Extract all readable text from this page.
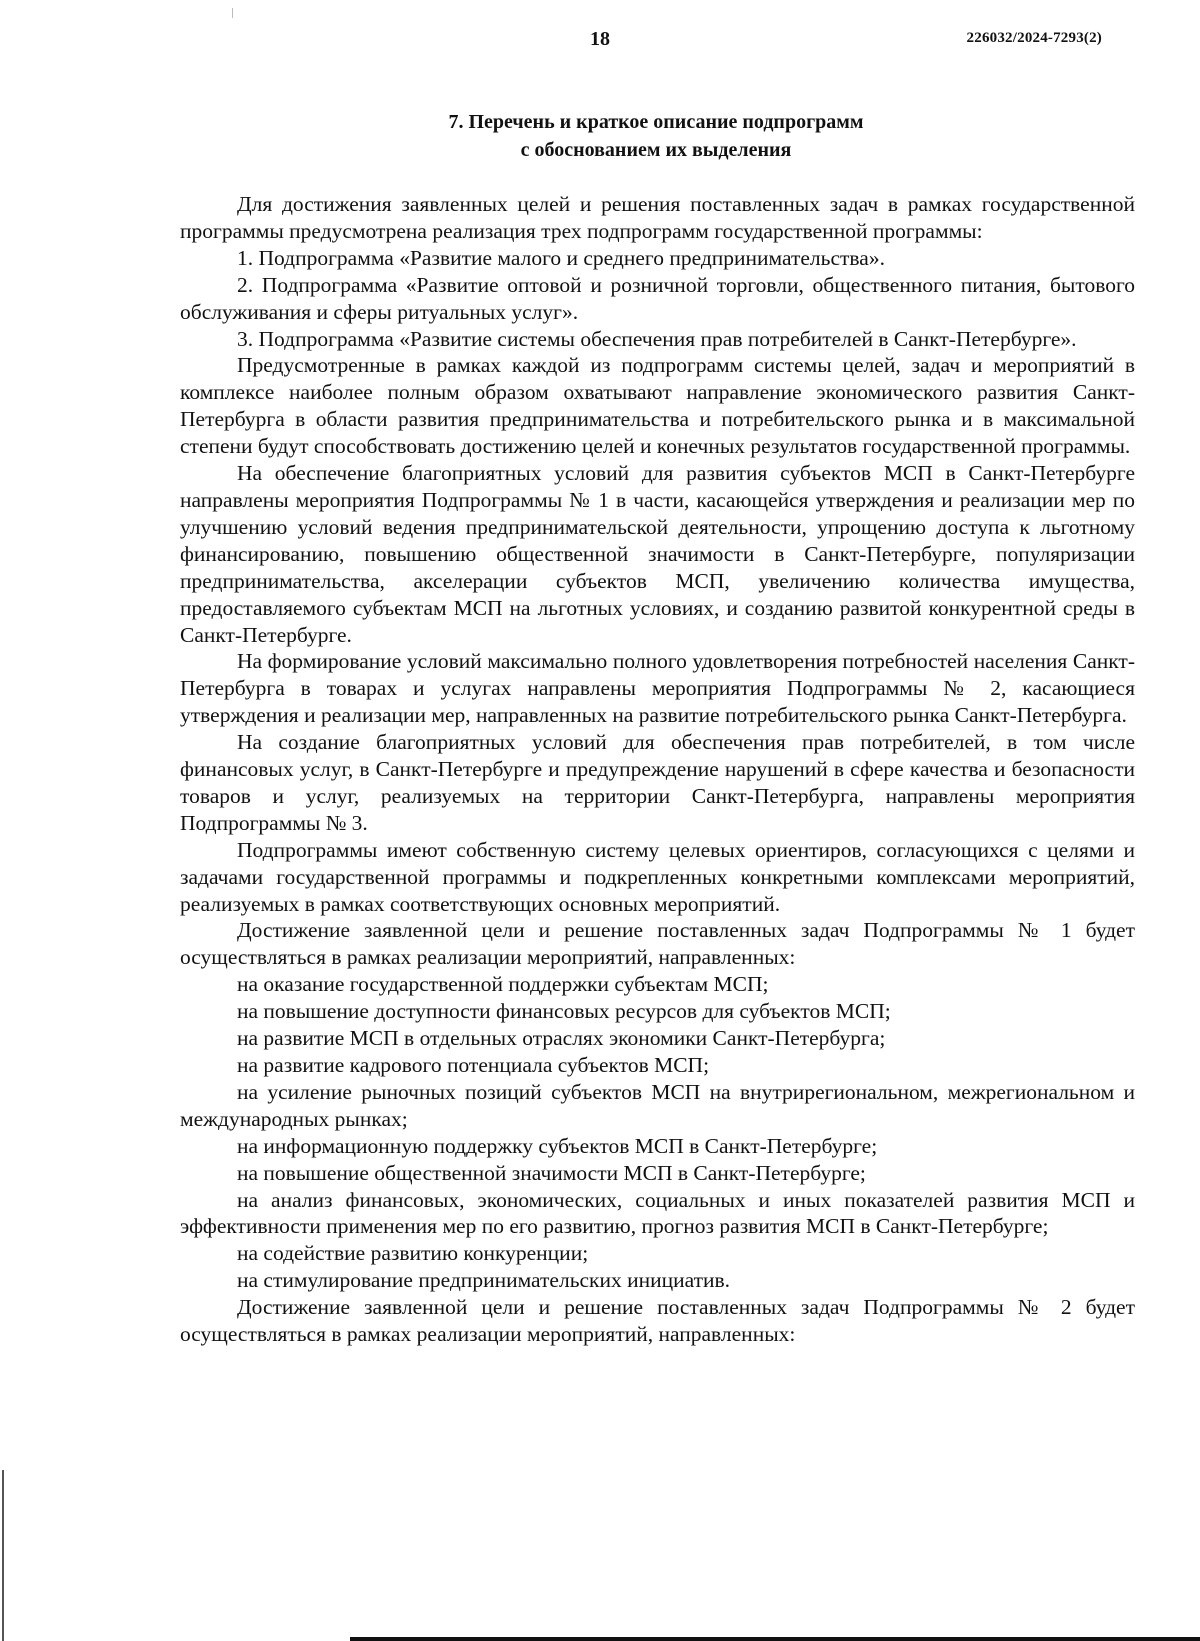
18	226032/2024-7293(2)
7. Перечень и краткое описание подпрограмм
с обоснованием их выделения

Для достижения заявленных целей и решения поставленных задач в рамках государственной программы предусмотрена реализация трех подпрограмм государственной программы:

1. Подпрограмма «Развитие малого и среднего предпринимательства».

2. Подпрограмма «Развитие оптовой и розничной торговли, общественного питания, бытового обслуживания и сферы ритуальных услуг».

3. Подпрограмма «Развитие системы обеспечения прав потребителей в Санкт-Петербурге».

Предусмотренные в рамках каждой из подпрограмм системы целей, задач и мероприятий в комплексе наиболее полным образом охватывают направление экономического развития Санкт-Петербурга в области развития предпринимательства и потребительского рынка и в максимальной степени будут способствовать достижению целей и конечных результатов государственной программы.

На обеспечение благоприятных условий для развития субъектов МСП в Санкт-Петербурге направлены мероприятия Подпрограммы № 1 в части, касающейся утверждения и реализации мер по улучшению условий ведения предпринимательской деятельности, упрощению доступа к льготному финансированию, повышению общественной значимости в Санкт-Петербурге, популяризации предпринимательства, акселерации субъектов МСП, увеличению количества имущества, предоставляемого субъектам МСП на льготных условиях, и созданию развитой конкурентной среды в Санкт-Петербурге.

На формирование условий максимально полного удовлетворения потребностей населения Санкт-Петербурга в товарах и услугах направлены мероприятия Подпрограммы № 2, касающиеся утверждения и реализации мер, направленных на развитие потребительского рынка Санкт-Петербурга.

На создание благоприятных условий для обеспечения прав потребителей, в том числе финансовых услуг, в Санкт-Петербурге и предупреждение нарушений в сфере качества и безопасности товаров и услуг, реализуемых на территории Санкт-Петербурга, направлены мероприятия Подпрограммы № 3.

Подпрограммы имеют собственную систему целевых ориентиров, согласующихся с целями и задачами государственной программы и подкрепленных конкретными комплексами мероприятий, реализуемых в рамках соответствующих основных мероприятий.

Достижение заявленной цели и решение поставленных задач Подпрограммы № 1 будет осуществляться в рамках реализации мероприятий, направленных:

на оказание государственной поддержки субъектам МСП;

на повышение доступности финансовых ресурсов для субъектов МСП;

на развитие МСП в отдельных отраслях экономики Санкт-Петербурга;

на развитие кадрового потенциала субъектов МСП;

на усиление рыночных позиций субъектов МСП на внутрирегиональном, межрегиональном и международных рынках;

на информационную поддержку субъектов МСП в Санкт-Петербурге;

на повышение общественной значимости МСП в Санкт-Петербурге;

на анализ финансовых, экономических, социальных и иных показателей развития МСП и эффективности применения мер по его развитию, прогноз развития МСП в Санкт-Петербурге;

на содействие развитию конкуренции;

на стимулирование предпринимательских инициатив.

Достижение заявленной цели и решение поставленных задач Подпрограммы № 2 будет осуществляться в рамках реализации мероприятий, направленных:
